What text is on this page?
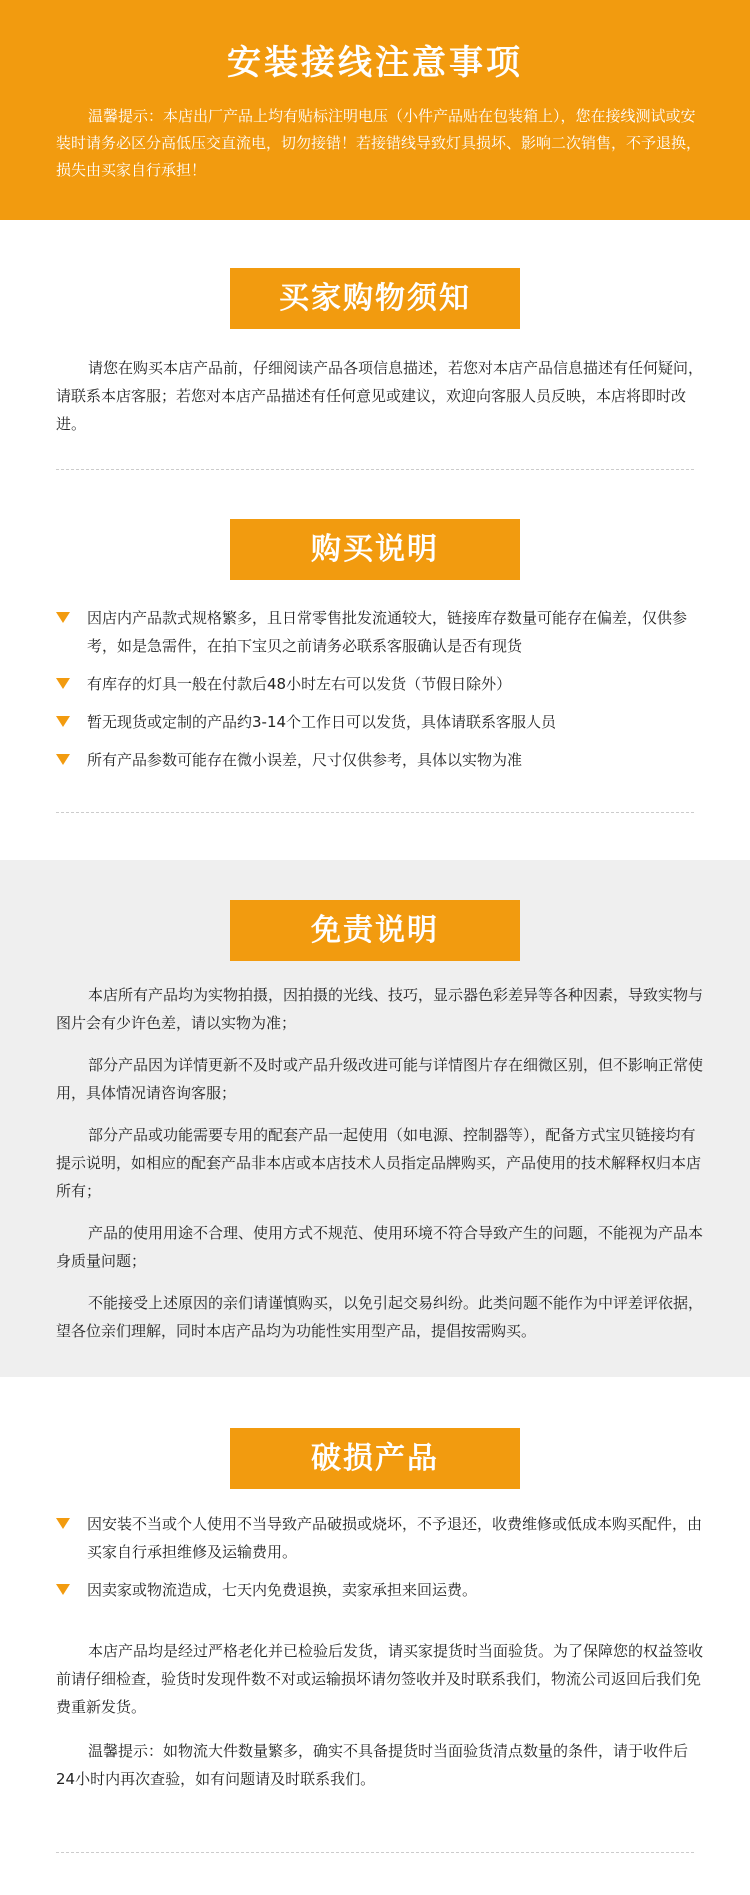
安装接线注意事项
温馨提示：本店出厂产品上均有贴标注明电压（小件产品贴在包装箱上），您在接线测试或安装时请务必区分高低压交直流电，切勿接错！若接错线导致灯具损坏、影响二次销售，不予退换，损失由买家自行承担！
买家购物须知
请您在购买本店产品前，仔细阅读产品各项信息描述，若您对本店产品信息描述有任何疑问，请联系本店客服；若您对本店产品描述有任何意见或建议，欢迎向客服人员反映，本店将即时改进。
购买说明
因店内产品款式规格繁多，且日常零售批发流通较大，链接库存数量可能存在偏差，仅供参考，如是急需件，在拍下宝贝之前请务必联系客服确认是否有现货
有库存的灯具一般在付款后48小时左右可以发货（节假日除外）
暂无现货或定制的产品约3-14个工作日可以发货，具体请联系客服人员
所有产品参数可能存在微小误差，尺寸仅供参考，具体以实物为准
免责说明
本店所有产品均为实物拍摄，因拍摄的光线、技巧，显示器色彩差异等各种因素，导致实物与图片会有少许色差，请以实物为准；
部分产品因为详情更新不及时或产品升级改进可能与详情图片存在细微区别，但不影响正常使用，具体情况请咨询客服；
部分产品或功能需要专用的配套产品一起使用（如电源、控制器等），配备方式宝贝链接均有提示说明，如相应的配套产品非本店或本店技术人员指定品牌购买，产品使用的技术解释权归本店所有；
产品的使用用途不合理、使用方式不规范、使用环境不符合导致产生的问题，不能视为产品本身质量问题；
不能接受上述原因的亲们请谨慎购买，以免引起交易纠纷。此类问题不能作为中评差评依据，望各位亲们理解，同时本店产品均为功能性实用型产品，提倡按需购买。
破损产品
因安装不当或个人使用不当导致产品破损或烧坏，不予退还，收费维修或低成本购买配件，由买家自行承担维修及运输费用。
因卖家或物流造成，七天内免费退换，卖家承担来回运费。
本店产品均是经过严格老化并已检验后发货，请买家提货时当面验货。为了保障您的权益签收前请仔细检查，验货时发现件数不对或运输损坏请勿签收并及时联系我们，物流公司返回后我们免费重新发货。
温馨提示：如物流大件数量繁多，确实不具备提货时当面验货清点数量的条件，请于收件后24小时内再次查验，如有问题请及时联系我们。
